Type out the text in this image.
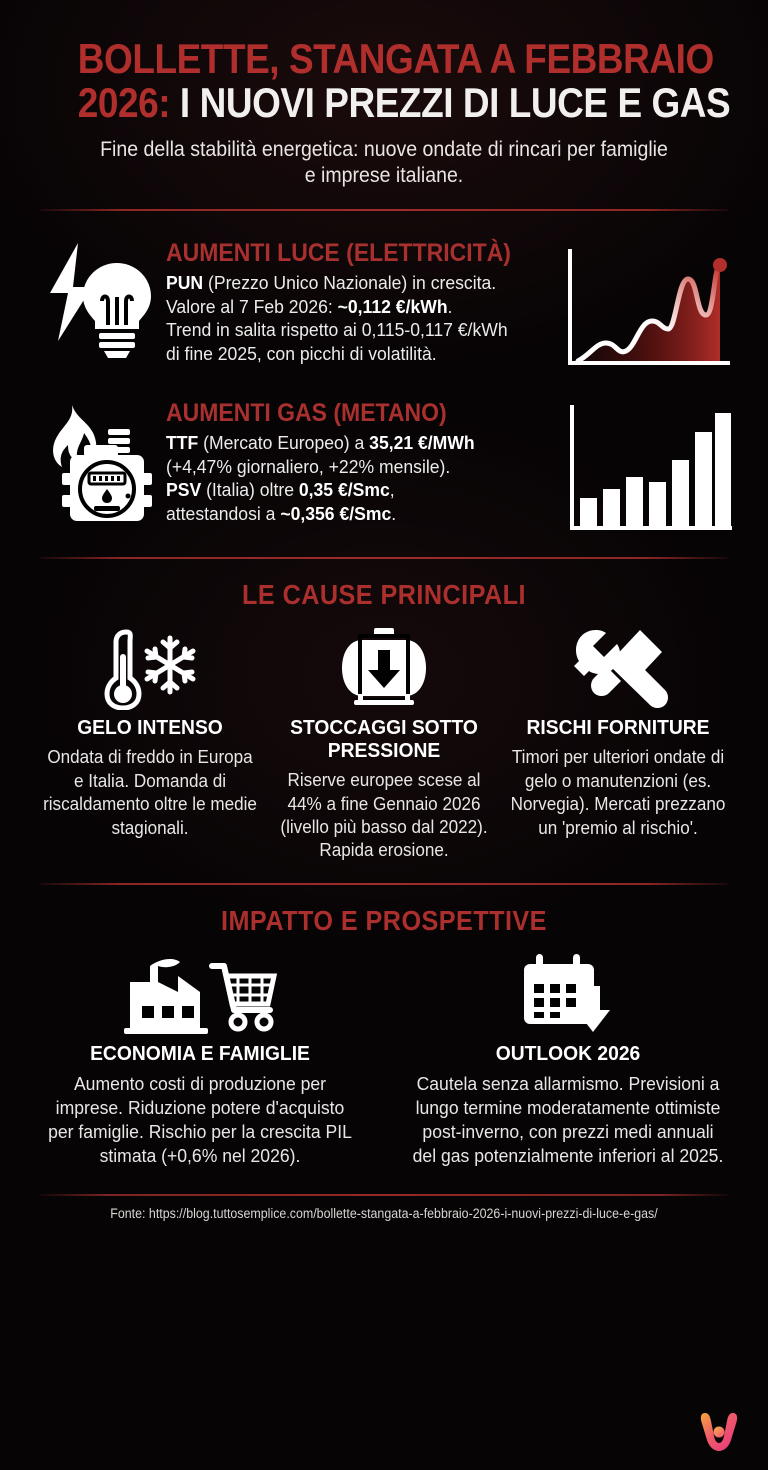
BOLLETTE, STANGATA A FEBBRAIO
2026: I NUOVI PREZZI DI LUCE E GAS
Fine della stabilità energetica: nuove ondate di rincari per famiglie e imprese italiane.
AUMENTI LUCE (ELETTRICITÀ)
PUN (Prezzo Unico Nazionale) in crescita.
Valore al 7 Feb 2026: ~0,112 €/kWh.
Trend in salita rispetto ai 0,115-0,117 €/kWh
di fine 2025, con picchi di volatilità.
AUMENTI GAS (METANO)
TTF (Mercato Europeo) a 35,21 €/MWh
(+4,47% giornaliero, +22% mensile).
PSV (Italia) oltre 0,35 €/Smc,
attestandosi a ~0,356 €/Smc.
LE CAUSE PRINCIPALI
GELO INTENSO
Ondata di freddo in Europa e Italia. Domanda di riscaldamento oltre le medie stagionali.
STOCCAGGI SOTTO PRESSIONE
Riserve europee scese al 44% a fine Gennaio 2026 (livello più basso dal 2022). Rapida erosione.
RISCHI FORNITURE
Timori per ulteriori ondate di gelo o manutenzioni (es. Norvegia). Mercati prezzano un 'premio al rischio'.
IMPATTO E PROSPETTIVE
ECONOMIA E FAMIGLIE
Aumento costi di produzione per imprese. Riduzione potere d'acquisto per famiglie. Rischio per la crescita PIL stimata (+0,6% nel 2026).
OUTLOOK 2026
Cautela senza allarmismo. Previsioni a lungo termine moderatamente ottimiste post-inverno, con prezzi medi annuali del gas potenzialmente inferiori al 2025.
Fonte: https://blog.tuttosemplice.com/bollette-stangata-a-febbraio-2026-i-nuovi-prezzi-di-luce-e-gas/
